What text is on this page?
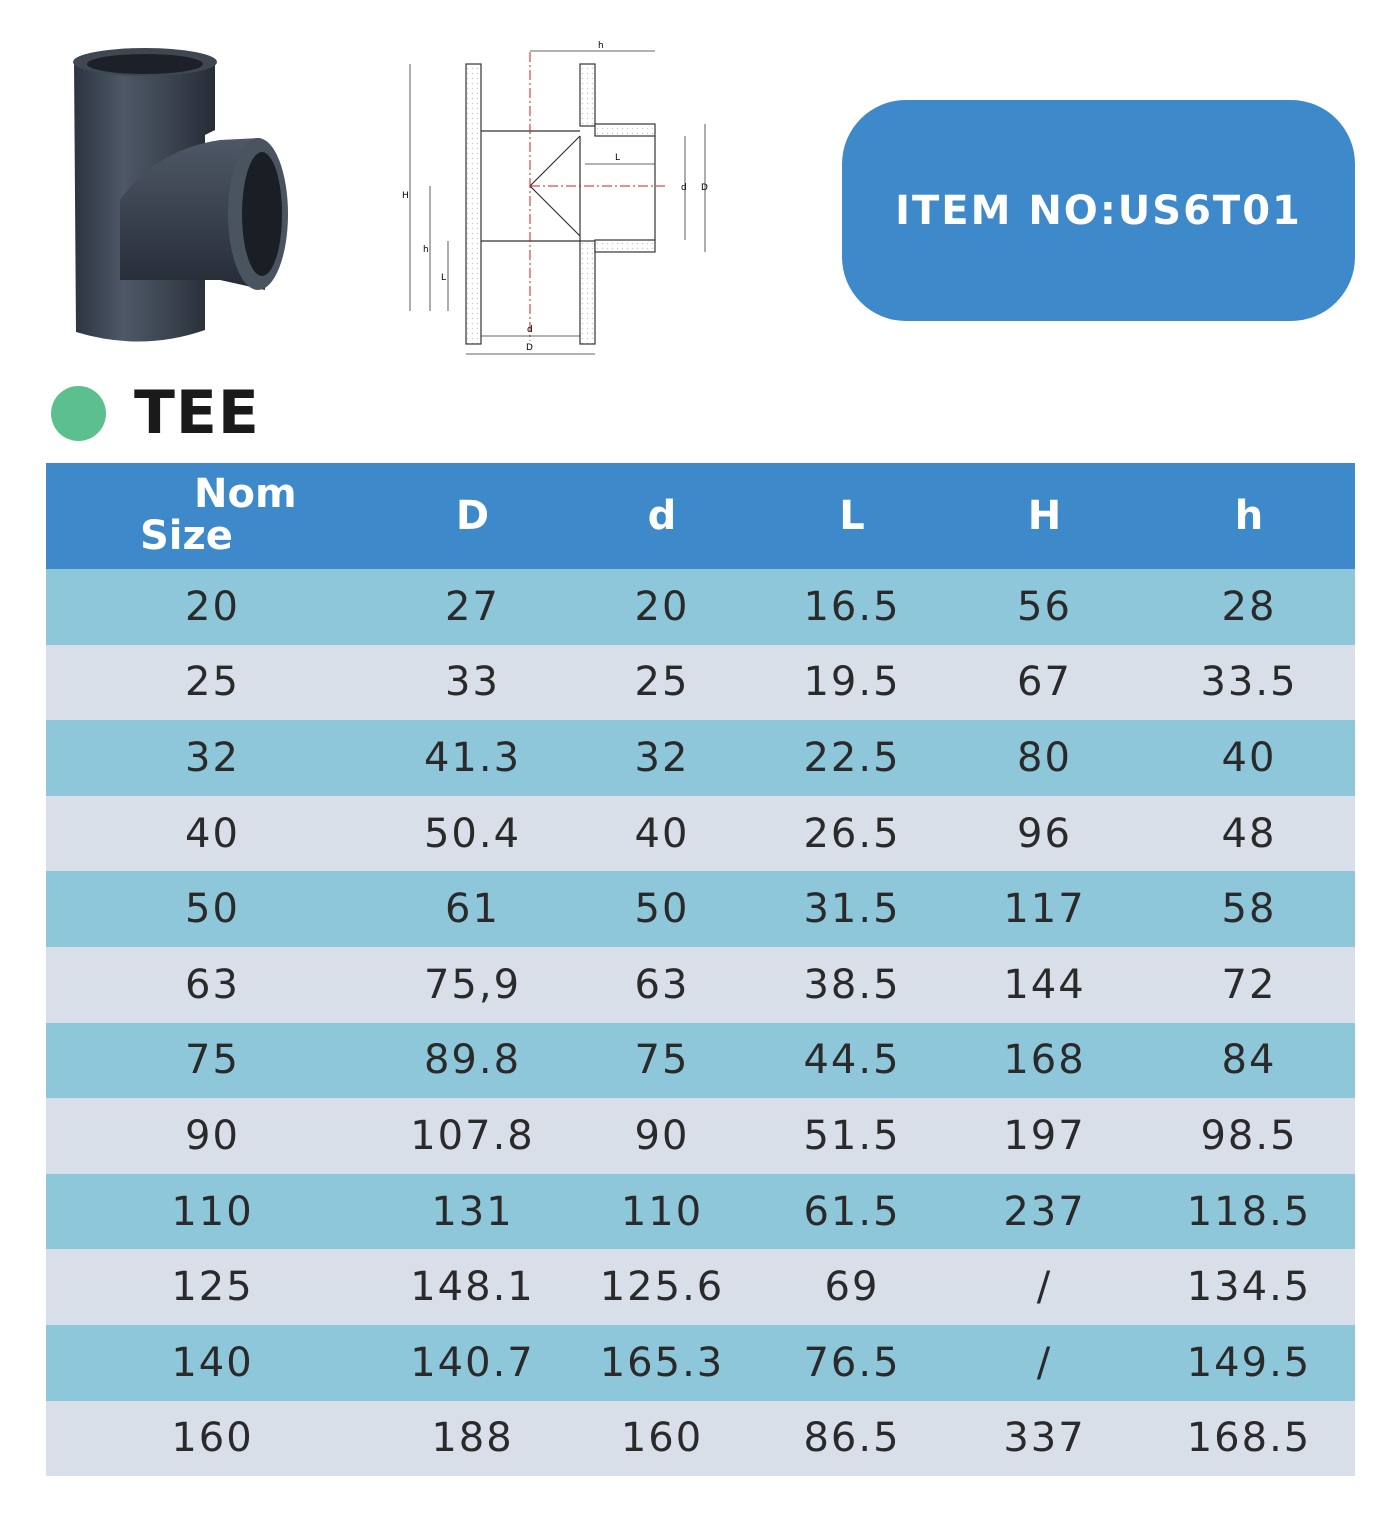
h
L
d D
H
h
L
d
D
ITEM NO:US6T01
TEE
Nom
Size	D	d	L	H	h
20	27	20	16.5	56	28
25	33	25	19.5	67	33.5
32	41.3	32	22.5	80	40
40	50.4	40	26.5	96	48
50	61	50	31.5	117	58
63	75,9	63	38.5	144	72
75	89.8	75	44.5	168	84
90	107.8	90	51.5	197	98.5
110	131	110	61.5	237	118.5
125	148.1	125.6	69	/	134.5
140	140.7	165.3	76.5	/	149.5
160	188	160	86.5	337	168.5
